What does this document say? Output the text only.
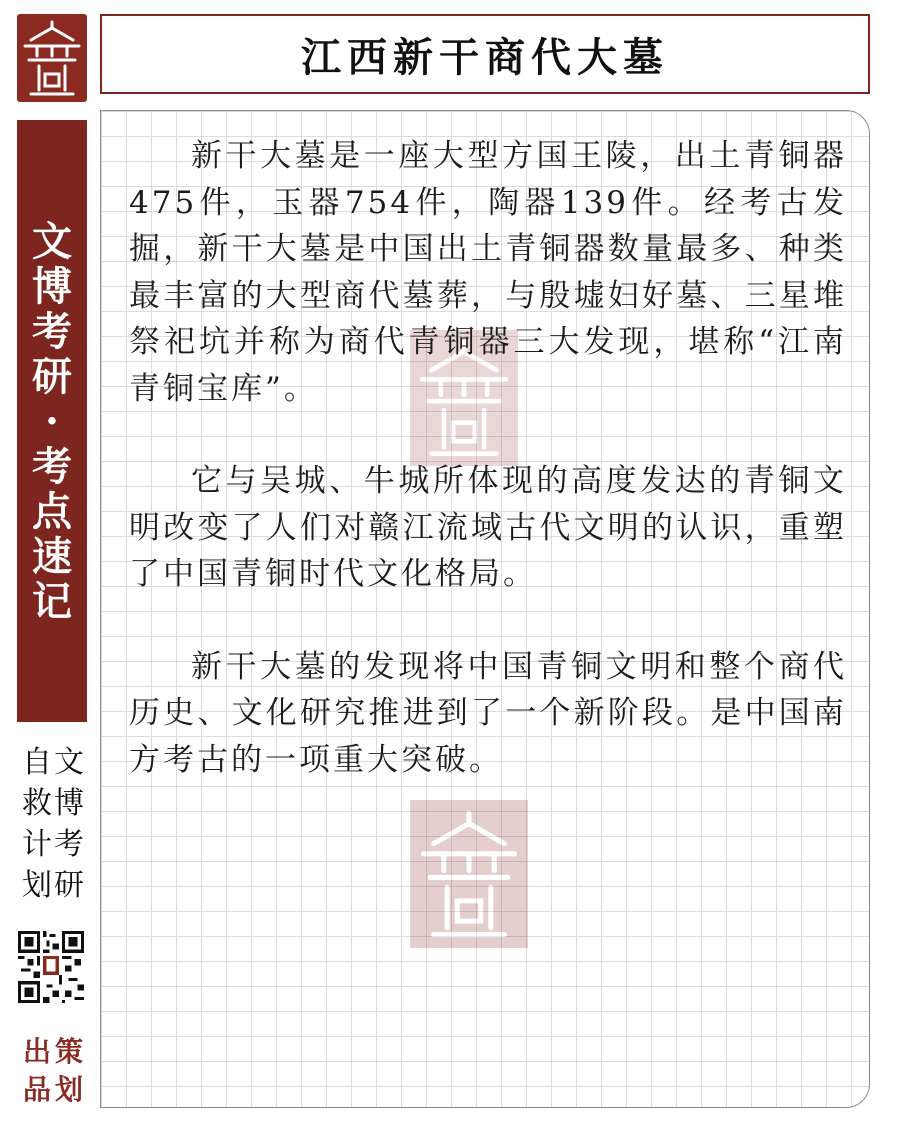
文
博
考
研
·
考
点
速
记
文
博
考
研
自
救
计
划
出
品
策
划
江西新干商代大墓

新干大墓是一座大型方国王陵，出土青铜器475件，玉器754件，陶器139件。经考古发掘，新干大墓是中国出土青铜器数量最多、种类最丰富的大型商代墓葬，与殷墟妇好墓、三星堆祭祀坑并称为商代青铜器三大发现，堪称“江南青铜宝库”。

它与吴城、牛城所体现的高度发达的青铜文明改变了人们对赣江流域古代文明的认识，重塑了中国青铜时代文化格局。

新干大墓的发现将中国青铜文明和整个商代历史、文化研究推进到了一个新阶段。是中国南方考古的一项重大突破。
